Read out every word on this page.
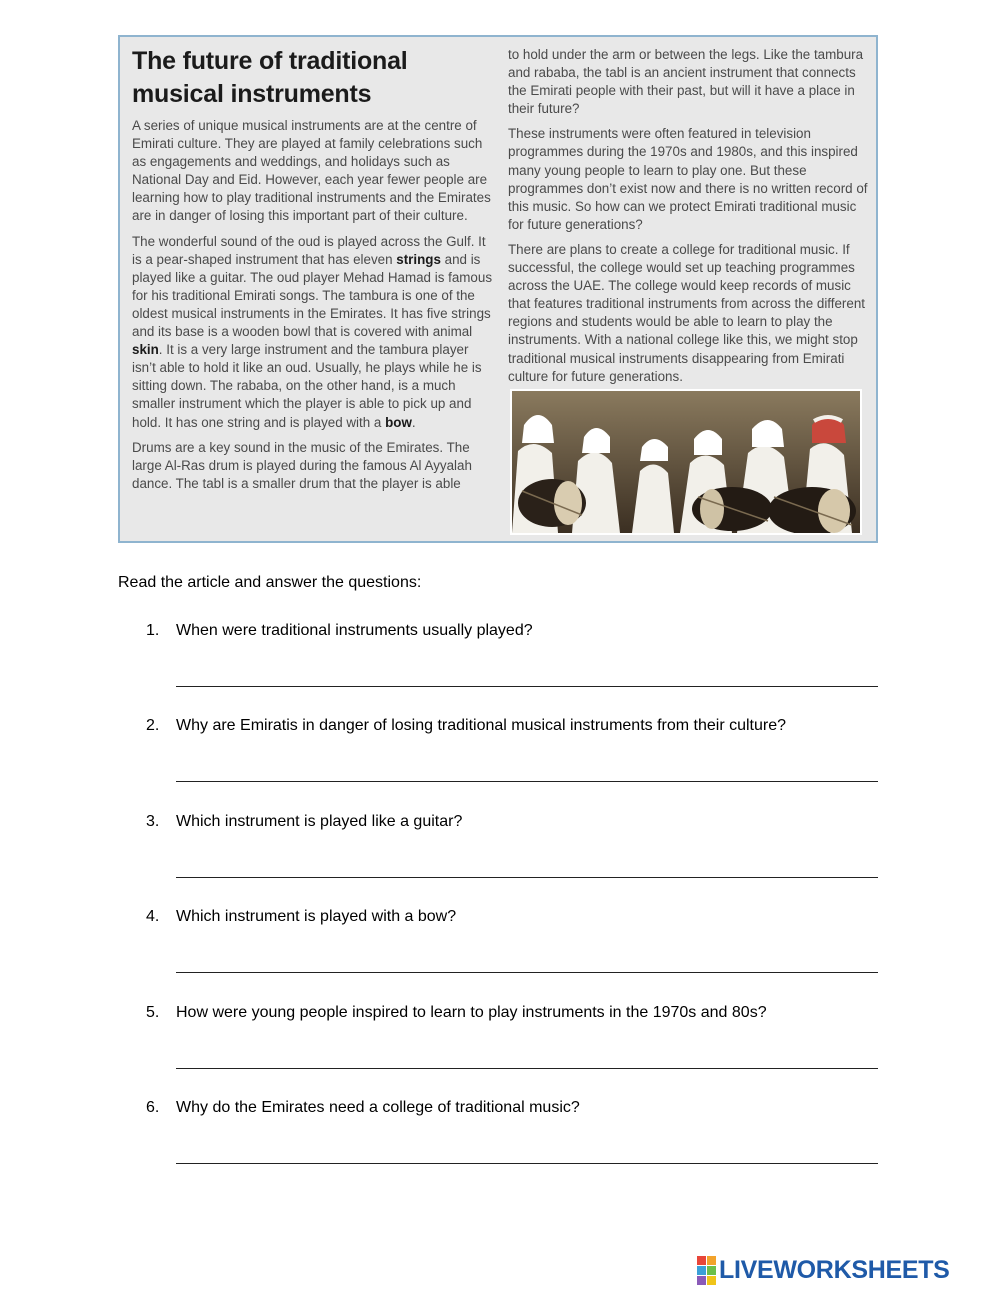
The future of traditional
musical instruments

A series of unique musical instruments are at the centre of Emirati culture. They are played at family celebrations such as engagements and weddings, and holidays such as National Day and Eid. However, each year fewer people are learning how to play traditional instruments and the Emirates are in danger of losing this important part of their culture.

The wonderful sound of the oud is played across the Gulf. It is a pear-shaped instrument that has eleven strings and is played like a guitar. The oud player Mehad Hamad is famous for his traditional Emirati songs. The tambura is one of the oldest musical instruments in the Emirates. It has five strings and its base is a wooden bowl that is covered with animal skin. It is a very large instrument and the tambura player isn’t able to hold it like an oud. Usually, he plays while he is sitting down. The rababa, on the other hand, is a much smaller instrument which the player is able to pick up and hold. It has one string and is played with a bow.

Drums are a key sound in the music of the Emirates. The large Al-Ras drum is played during the famous Al Ayyalah dance. The tabl is a smaller drum that the player is able

to hold under the arm or between the legs. Like the tambura and rababa, the tabl is an ancient instrument that connects the Emirati people with their past, but will it have a place in their future?

These instruments were often featured in television programmes during the 1970s and 1980s, and this inspired many young people to learn to play one. But these programmes don’t exist now and there is no written record of this music. So how can we protect Emirati traditional music for future generations?

There are plans to create a college for traditional music. If successful, the college would set up teaching programmes across the UAE. The college would keep records of music that features traditional instruments from across the different regions and students would be able to learn to play the instruments. With a national college like this, we might stop traditional musical instruments disappearing from Emirati culture for future generations.

Read the article and answer the questions:
1. When were traditional instruments usually played?
2. Why are Emiratis in danger of losing traditional musical instruments from their culture?
3. Which instrument is played like a guitar?
4. Which instrument is played with a bow?
5. How were young people inspired to learn to play instruments in the 1970s and 80s?
6. Why do the Emirates need a college of traditional music?
LIVEWORKSHEETS
